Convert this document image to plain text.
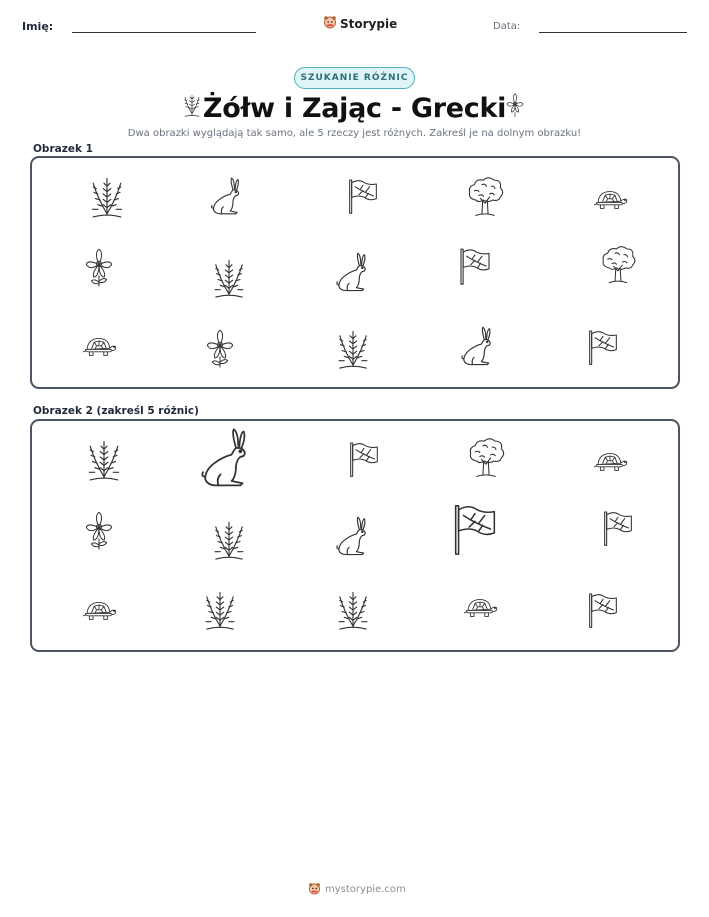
Imię:	Storypie	Data:
SZUKANIE RÓŻNIC
Żółw i Zając - Grecki
Dwa obrazki wyglądają tak samo, ale 5 rzeczy jest różnych. Zakreśl je na dolnym obrazku!
Obrazek 1
Obrazek 2 (zakreśl 5 różnic)
mystorypie.com
